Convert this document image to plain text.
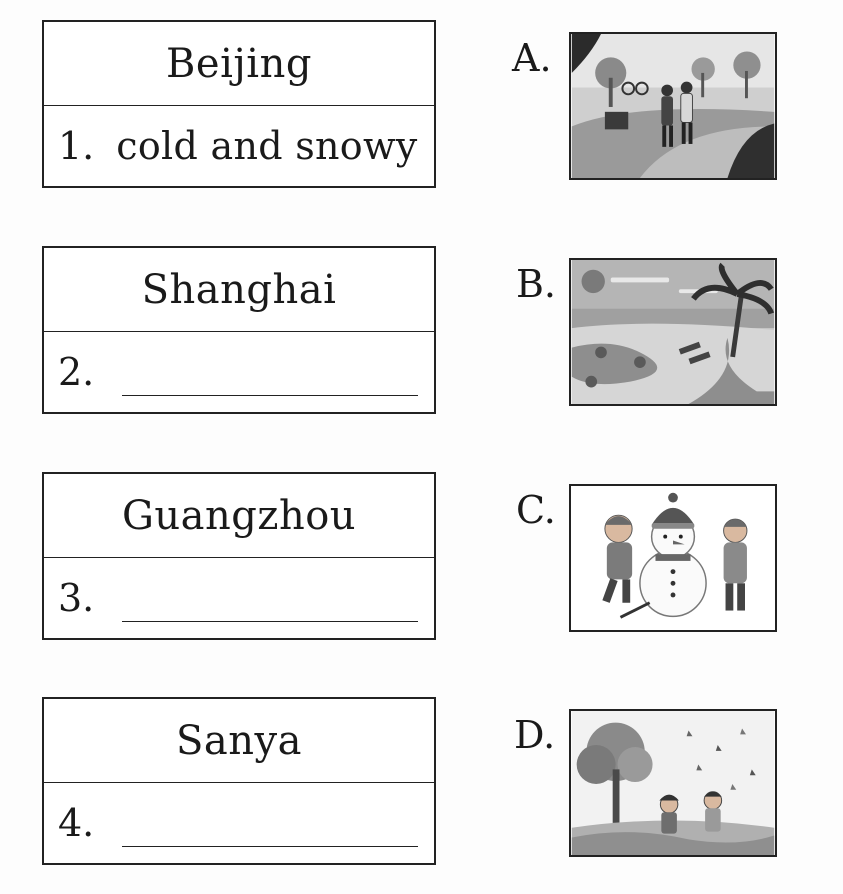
Beijing
1. cold and snowy
Shanghai
2.
Guangzhou
3.
Sanya
4.
A.
B.
C.
D.
